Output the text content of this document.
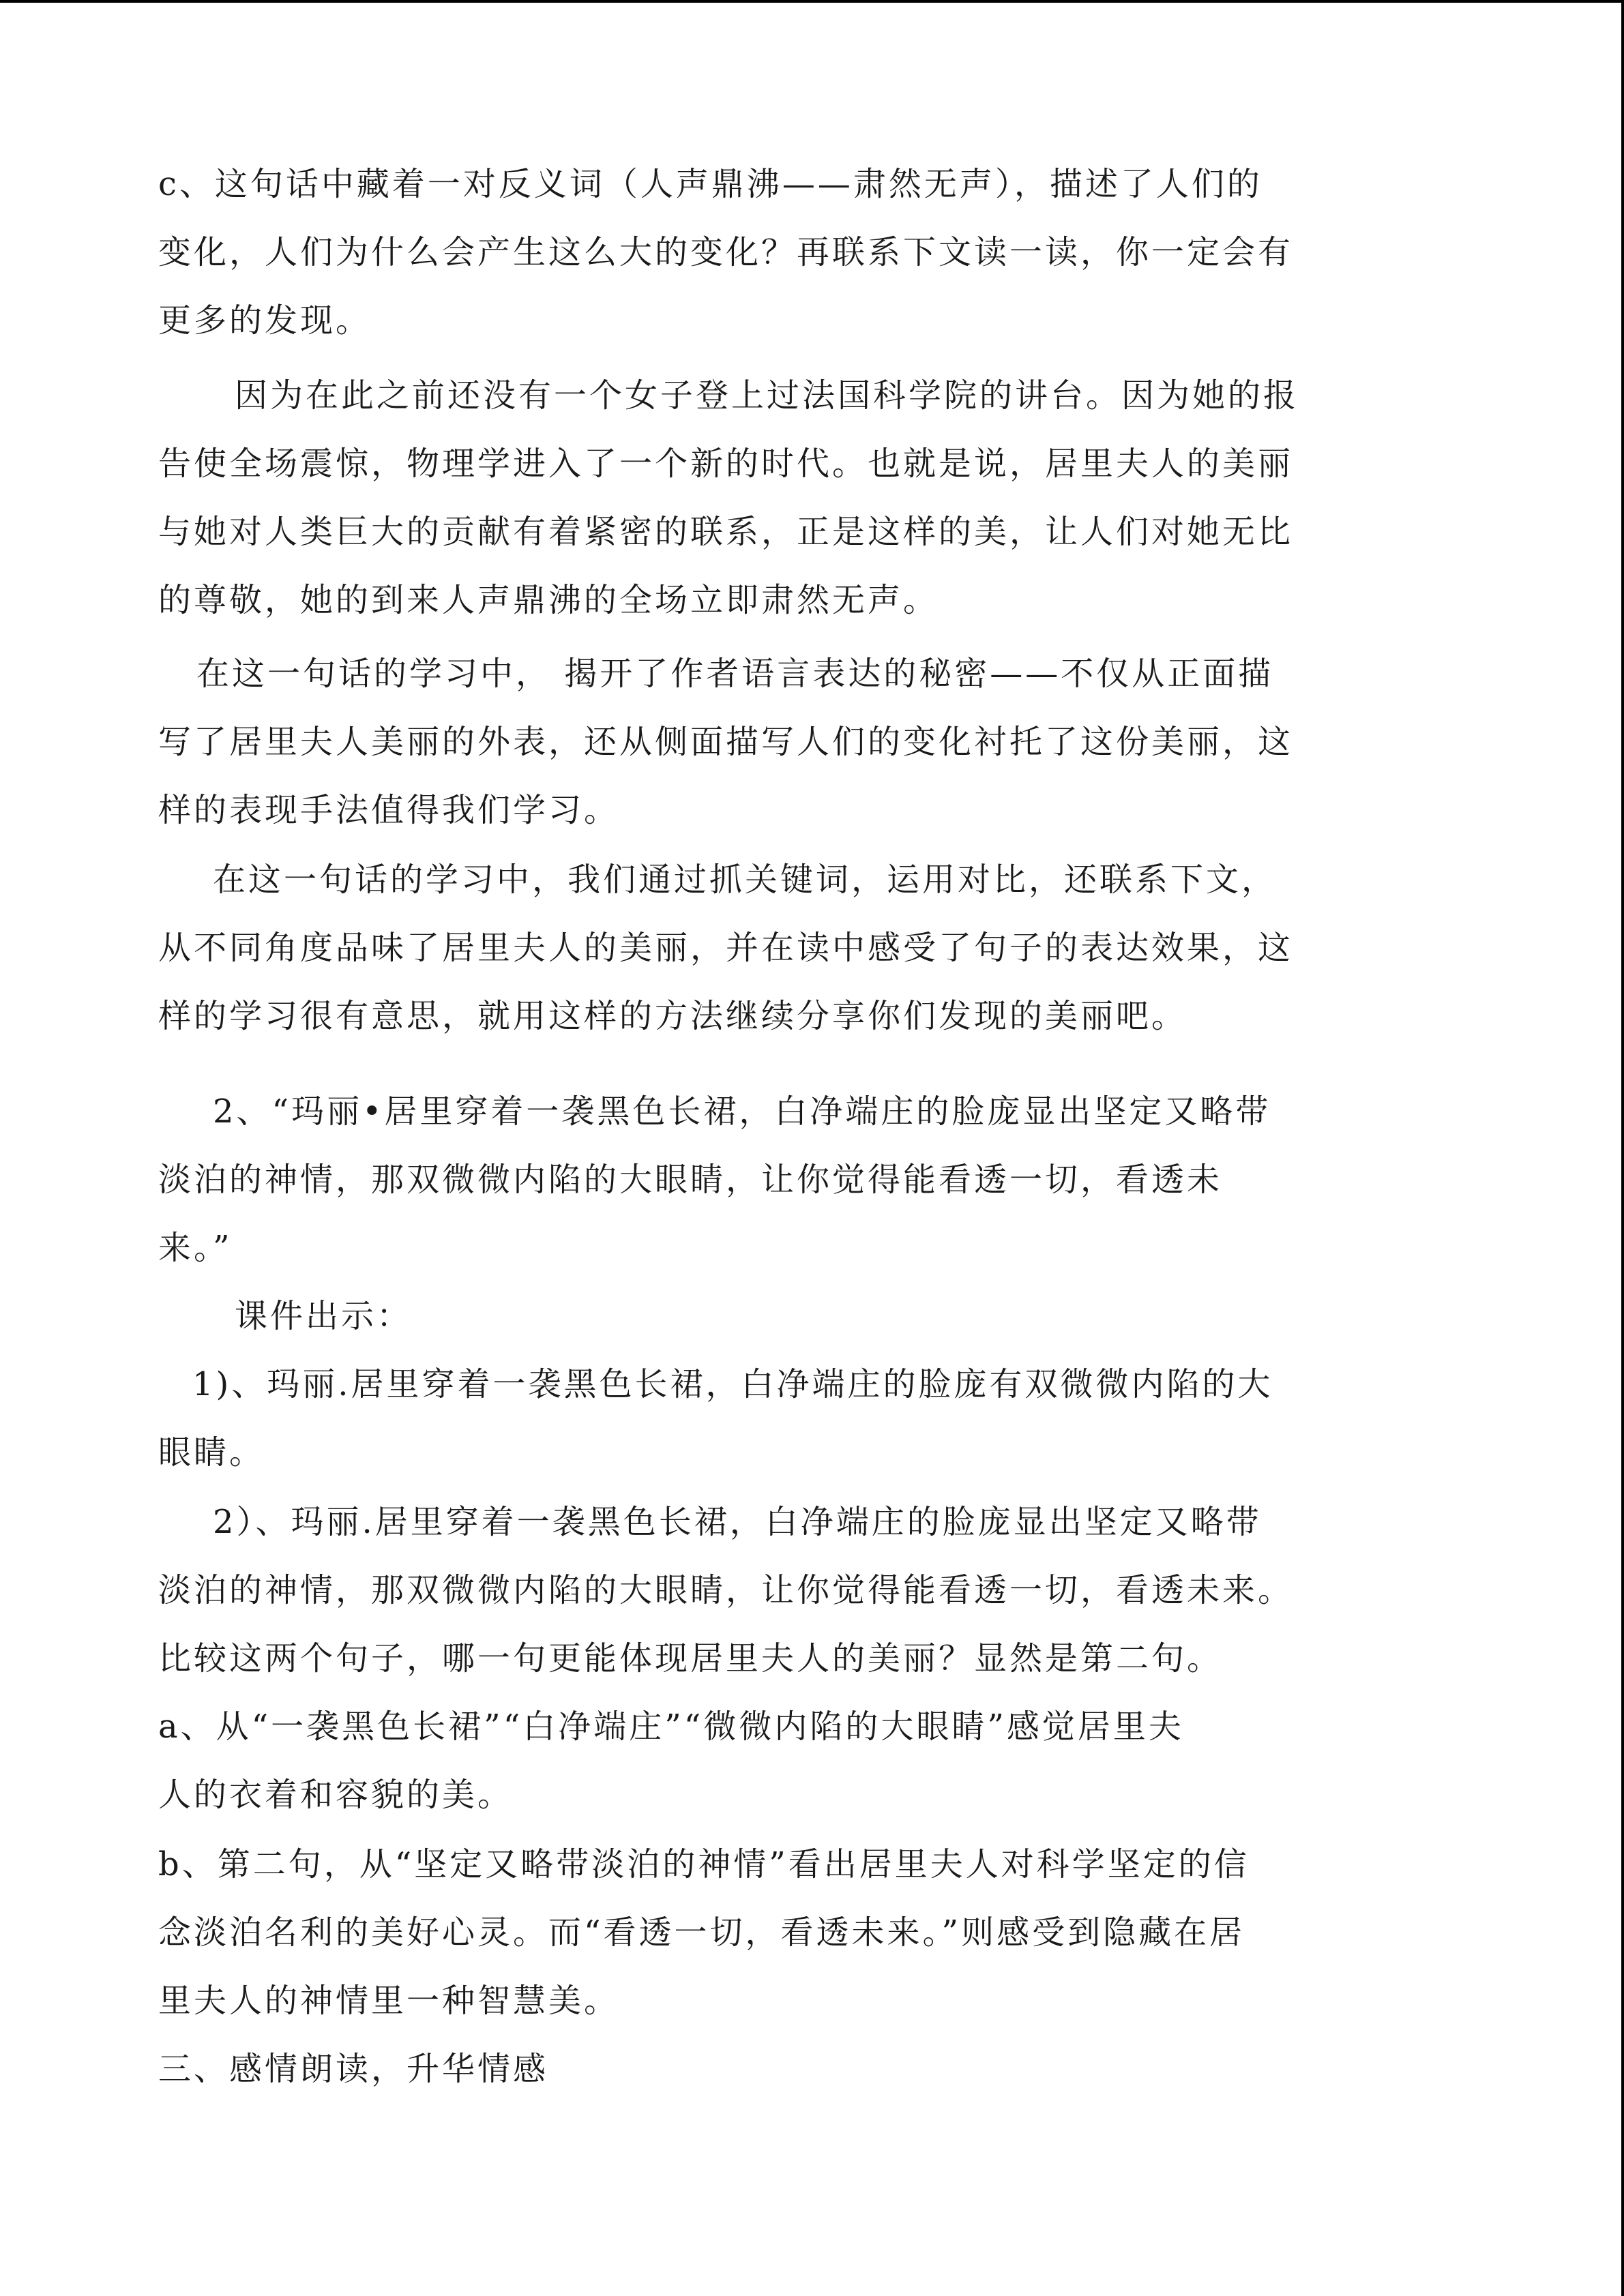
c、这句话中藏着一对反义词（人声鼎沸——肃然无声），描述了人们的
变化，人们为什么会产生这么大的变化？再联系下文读一读，你一定会有
更多的发现。
因为在此之前还没有一个女子登上过法国科学院的讲台。因为她的报
告使全场震惊，物理学进入了一个新的时代。也就是说，居里夫人的美丽
与她对人类巨大的贡献有着紧密的联系，正是这样的美，让人们对她无比
的尊敬，她的到来人声鼎沸的全场立即肃然无声。
在这一句话的学习中， 揭开了作者语言表达的秘密——不仅从正面描
写了居里夫人美丽的外表，还从侧面描写人们的变化衬托了这份美丽，这
样的表现手法值得我们学习。
在这一句话的学习中，我们通过抓关键词，运用对比，还联系下文，
从不同角度品味了居里夫人的美丽，并在读中感受了句子的表达效果，这
样的学习很有意思，就用这样的方法继续分享你们发现的美丽吧。
2、“玛丽•居里穿着一袭黑色长裙，白净端庄的脸庞显出坚定又略带
淡泊的神情，那双微微内陷的大眼睛，让你觉得能看透一切，看透未
来。”
课件出示：
1)、玛丽.居里穿着一袭黑色长裙，白净端庄的脸庞有双微微内陷的大
眼睛。
2）、玛丽.居里穿着一袭黑色长裙，白净端庄的脸庞显出坚定又略带
淡泊的神情，那双微微内陷的大眼睛，让你觉得能看透一切，看透未来。
比较这两个句子，哪一句更能体现居里夫人的美丽？显然是第二句。
a、从“一袭黑色长裙”“白净端庄”“微微内陷的大眼睛”感觉居里夫
人的衣着和容貌的美。
b、第二句，从“坚定又略带淡泊的神情”看出居里夫人对科学坚定的信
念淡泊名利的美好心灵。而“看透一切，看透未来。”则感受到隐藏在居
里夫人的神情里一种智慧美。
三、感情朗读，升华情感
